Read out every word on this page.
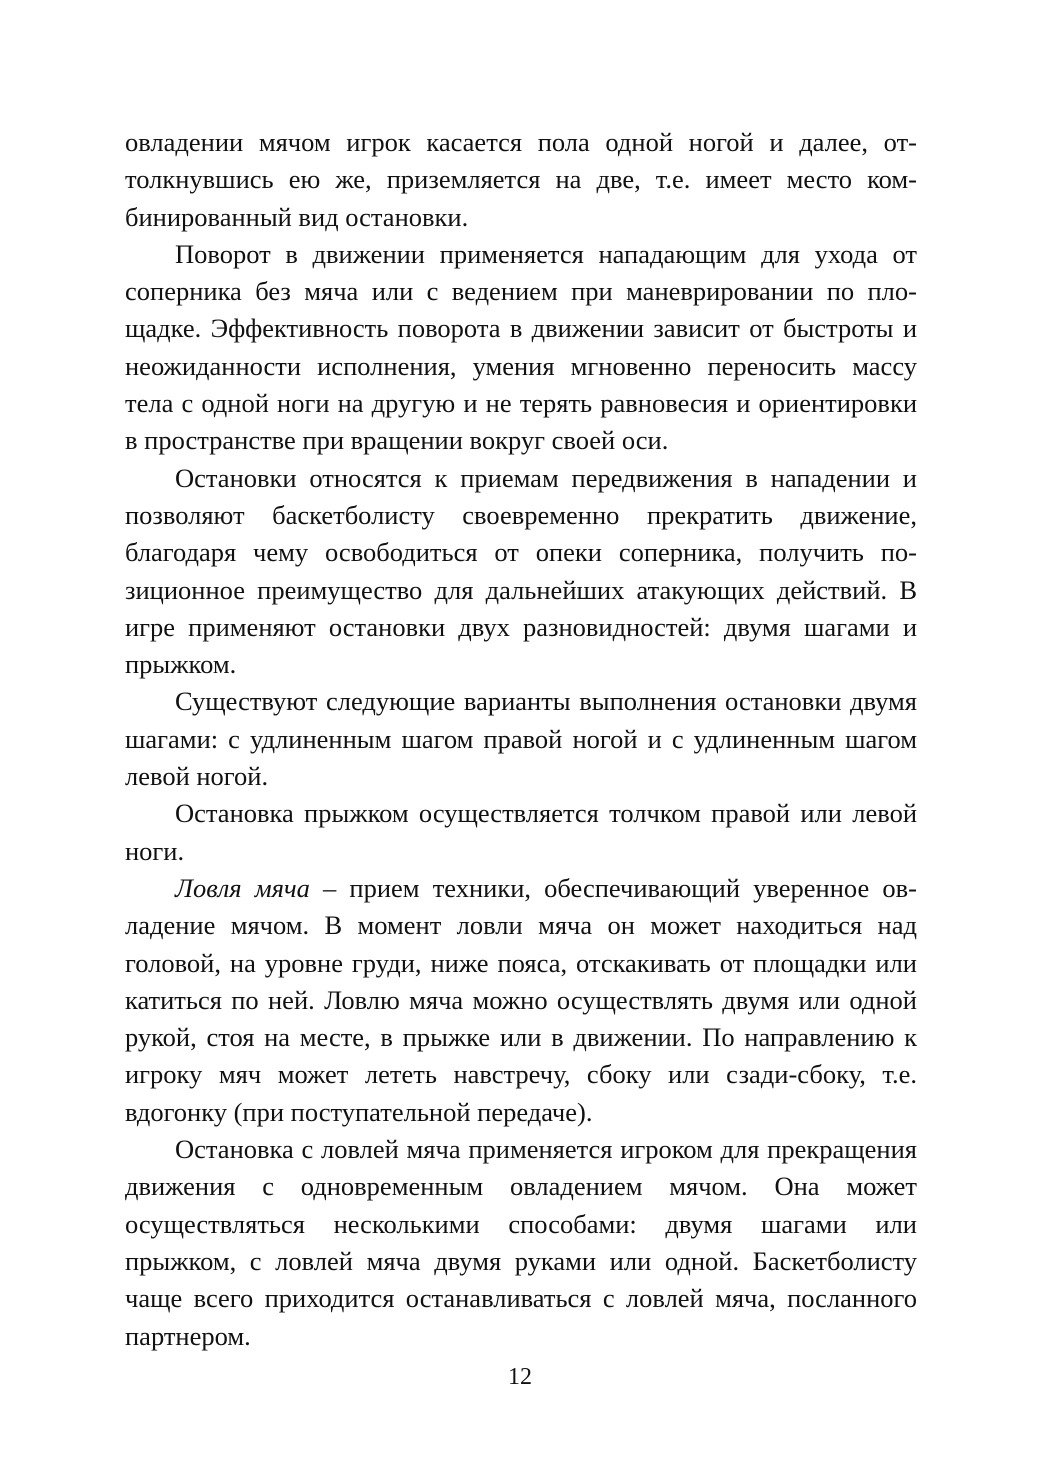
овладении мячом игрок касается пола одной ногой и далее, оттолкнувшись ею же, приземляется на две, т.е. имеет место комбинированный вид остановки.

Поворот в движении применяется нападающим для ухода от соперника без мяча или с ведением при маневрировании по площадке. Эффективность поворота в движении зависит от быстроты и неожиданности исполнения, умения мгновенно переносить массу тела с одной ноги на другую и не терять равновесия и ориентировки в пространстве при вращении вокруг своей оси.

Остановки относятся к приемам передвижения в нападении и позволяют баскетболисту своевременно прекратить движение, благодаря чему освободиться от опеки соперника, получить позиционное преимущество для дальнейших атакующих действий. В игре применяют остановки двух разновидностей: двумя шагами и прыжком.

Существуют следующие варианты выполнения остановки двумя шагами: с удлиненным шагом правой ногой и с удлиненным шагом левой ногой.

Остановка прыжком осуществляется толчком правой или левой ноги.

Ловля мяча – прием техники, обеспечивающий уверенное овладение мячом. В момент ловли мяча он может находиться над головой, на уровне груди, ниже пояса, отскакивать от площадки или катиться по ней. Ловлю мяча можно осуществлять двумя или одной рукой, стоя на месте, в прыжке или в движении. По направлению к игроку мяч может лететь навстречу, сбоку или сзади-сбоку, т.е. вдогонку (при поступательной передаче).

Остановка с ловлей мяча применяется игроком для прекращения движения с одновременным овладением мячом. Она может осуществляться несколькими способами: двумя шагами или прыжком, с ловлей мяча двумя руками или одной. Баскетболисту чаще всего приходится останавливаться с ловлей мяча, посланного партнером.

12
